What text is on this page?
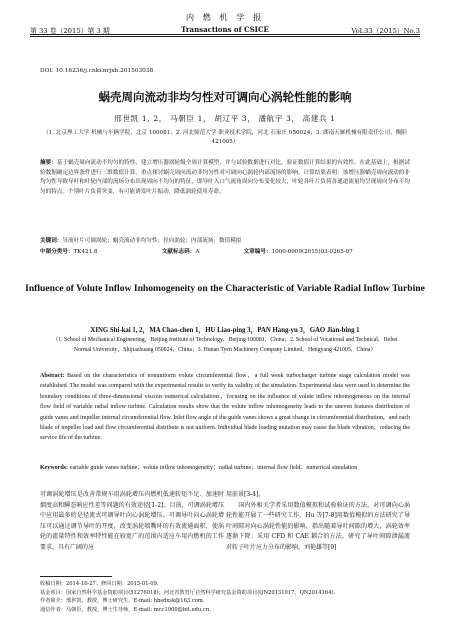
第 33 卷（2015）第 3 期
内 燃 机 学 报
Transactions of CSICE	Vol.33（2015）No.3
DOI: 10.16236/j.cnki.nrjxb.201503038
蜗壳周向流动非均匀性对可调向心涡轮性能的影响
邢世凯 1, 2， 马朝臣 1， 胡辽平 3， 潘航宇 3， 高建兵 1
（1. 北京理工大学 机械与车辆学院，北京 100081；2. 河北师范大学 职业技术学院，河北 石家庄 050024；3. 湖南天雁机械有限责任公司，衡阳 421005）
摘要：基于蜗壳周向流动不均匀的特性，建立增压器涡轮级全周计算模型，并与试验数据进行对比，验证数值计算结果的有效性。在此基础上，根据试验数据确定边界条件进行三维数值计算，重点探讨蜗壳周向流动非均匀性对可调向心涡轮内部流场的影响。计算结果表明：该增压器蜗壳周向流动的非均匀性导致导叶和叶轮内部的流场分布出现周向不均匀的特征，即导叶入口气流角周向分布变化较大，叶轮各叶片负荷各通道流量均呈现周向分布不均匀的特点。个别叶片负荷突变，有可能诱发叶片振动，降低涡轮使用寿命。
关键词：导流叶片可调涡轮；蜗壳流动非均匀性；径向涡轮；内部流场；数值模拟
中图分类号：TK421.8	文献标志码：A	文章编号：1000-0909(2015)03-0265-07
Influence of Volute Inflow Inhomogeneity on the Characteristic of Variable Radial Inflow Turbine
XING Shi-kai 1, 2，MA Chao-chen 1，HU Liao-ping 3，PAN Hang-yu 3，GAO Jian-bing 1
（1. School of Mechanical Engineering，Beijing Institute of Technology，Beijing 100081，China；2. School of Vocational and Technical，Hebei Normal University，Shijiazhuang 050024，China；3. Hunan Tyen Machinery Company Limited，Hengyang 421005，China）
Abstract: Based on the characteristics of nonuniform volute circumferential flow，a full week turbocharger turbine stage calculation model was established. The model was compared with the experimental results to verify its validity of the simulation. Experimental data were used to determine the boundary conditions of three-dimensional viscous numerical calculations，focusing on the influence of volute inflow inhomogeneous on the internal flow field of variable radial inflow turbine. Calculation results show that the volute inflow inhomogeneity leads to the uneven features distribution of guide vanes and impeller internal circumferential flow. Inlet flow angle of the guide vanes shows a great change in circumferential distribution，and each blade of impeller load and flow circumferential distribute is not uniform. Individual blade loading mutation may cause the blade vibration，reducing the service life of the turbine.
Keywords: variable guide vanes turbine；volute inflow inhomogeneity；radial turbine；internal flow field；numerical simulation
可调涡轮增压是改善常规车用涡轮增压内燃机低速转矩不足、加速时烟度高和瞬态响应性差等问题的有效途径[1-2]。目前，可调涡轮增压中应用最多的是径流式可调导叶向心涡轮增压。可调导叶向心涡轮增压可以通过调节导叶的开度，改变涡轮喷嘴环的有效流通面积，使涡轮的流量特性和效率特性能在较宽广的范围内适应车用内燃机的工作要求，具有广阔的应
用前景[3-4]。
　　国内外相关学者采用数值模拟和试验验证的方法，对可调向心涡轮性能开展了一些研究工作。Hu 等[7-8]用数值模拟的方法研究了导叶间隙对向心涡轮性能的影响，指出随着导叶间隙的增大，涡轮效率逐渐下降；采用 CFD 和 CAE 耦合的方法，研究了导叶间隙泄漏流对转子叶片应力分布的影响。刘艳雄等[9]
收稿日期：2014-10-27；修回日期：2015-01-09.
基金项目：国家自然科学基金资助项目(51276018)；河北省教育厅自然科学研究基金资助项目(QN20131017，QN2014164).
作者简介：邢世凯，教授，博士研究生，E-mail: hbsdxsk@163.com.
通信作者：马朝臣，教授，博士生导师，E-mail: mcc1900@bit.edu.cn.
